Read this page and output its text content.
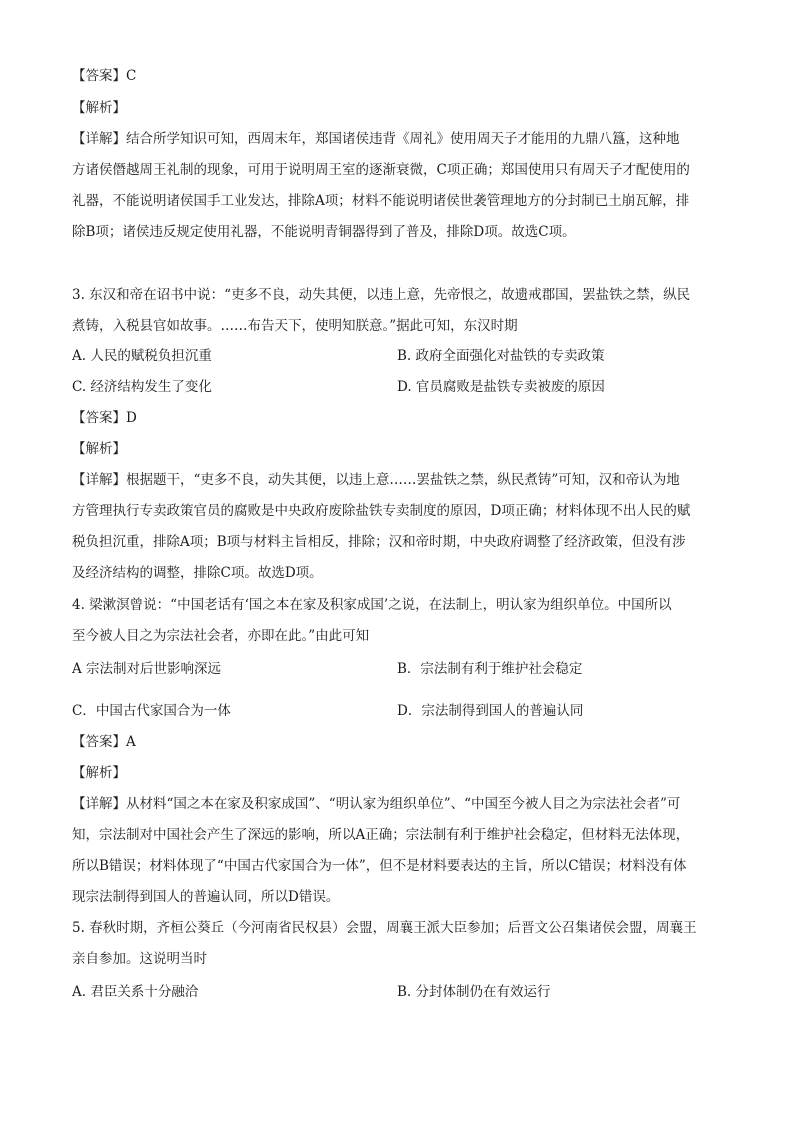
【答案】C
【解析】
【详解】结合所学知识可知，西周末年，郑国诸侯违背《周礼》使用周天子才能用的九鼎八簋，这种地
方诸侯僭越周王礼制的现象，可用于说明周王室的逐渐衰微，C项正确；郑国使用只有周天子才配使用的
礼器，不能说明诸侯国手工业发达，排除A项；材料不能说明诸侯世袭管理地方的分封制已土崩瓦解，排
除B项；诸侯违反规定使用礼器，不能说明青铜器得到了普及，排除D项。故选C项。
3. 东汉和帝在诏书中说：“吏多不良，动失其便，以违上意，先帝恨之，故遗戒郡国，罢盐铁之禁，纵民
煮铸，入税县官如故事。……布告天下，使明知朕意。”据此可知，东汉时期
A. 人民的赋税负担沉重	B. 政府全面强化对盐铁的专卖政策
C. 经济结构发生了变化	D. 官员腐败是盐铁专卖被废的原因
【答案】D
【解析】
【详解】根据题干，“吏多不良，动失其便，以违上意……罢盐铁之禁，纵民煮铸”可知，汉和帝认为地
方管理执行专卖政策官员的腐败是中央政府废除盐铁专卖制度的原因，D项正确；材料体现不出人民的赋
税负担沉重，排除A项；B项与材料主旨相反，排除；汉和帝时期，中央政府调整了经济政策，但没有涉
及经济结构的调整，排除C项。故选D项。
4. 梁漱溟曾说：“中国老话有‘国之本在家及积家成国’之说，在法制上，明认家为组织单位。中国所以
至今被人目之为宗法社会者，亦即在此。”由此可知
A 宗法制对后世影响深远	B．宗法制有利于维护社会稳定
C．中国古代家国合为一体	D．宗法制得到国人的普遍认同
【答案】A
【解析】
【详解】从材料“国之本在家及积家成国”、“明认家为组织单位”、“中国至今被人目之为宗法社会者”可
知，宗法制对中国社会产生了深远的影响，所以A正确；宗法制有利于维护社会稳定，但材料无法体现，
所以B错误；材料体现了“中国古代家国合为一体”，但不是材料要表达的主旨，所以C错误；材料没有体
现宗法制得到国人的普遍认同，所以D错误。
5. 春秋时期，齐桓公葵丘（今河南省民权县）会盟，周襄王派大臣参加；后晋文公召集诸侯会盟，周襄王
亲自参加。这说明当时
A. 君臣关系十分融洽	B. 分封体制仍在有效运行
